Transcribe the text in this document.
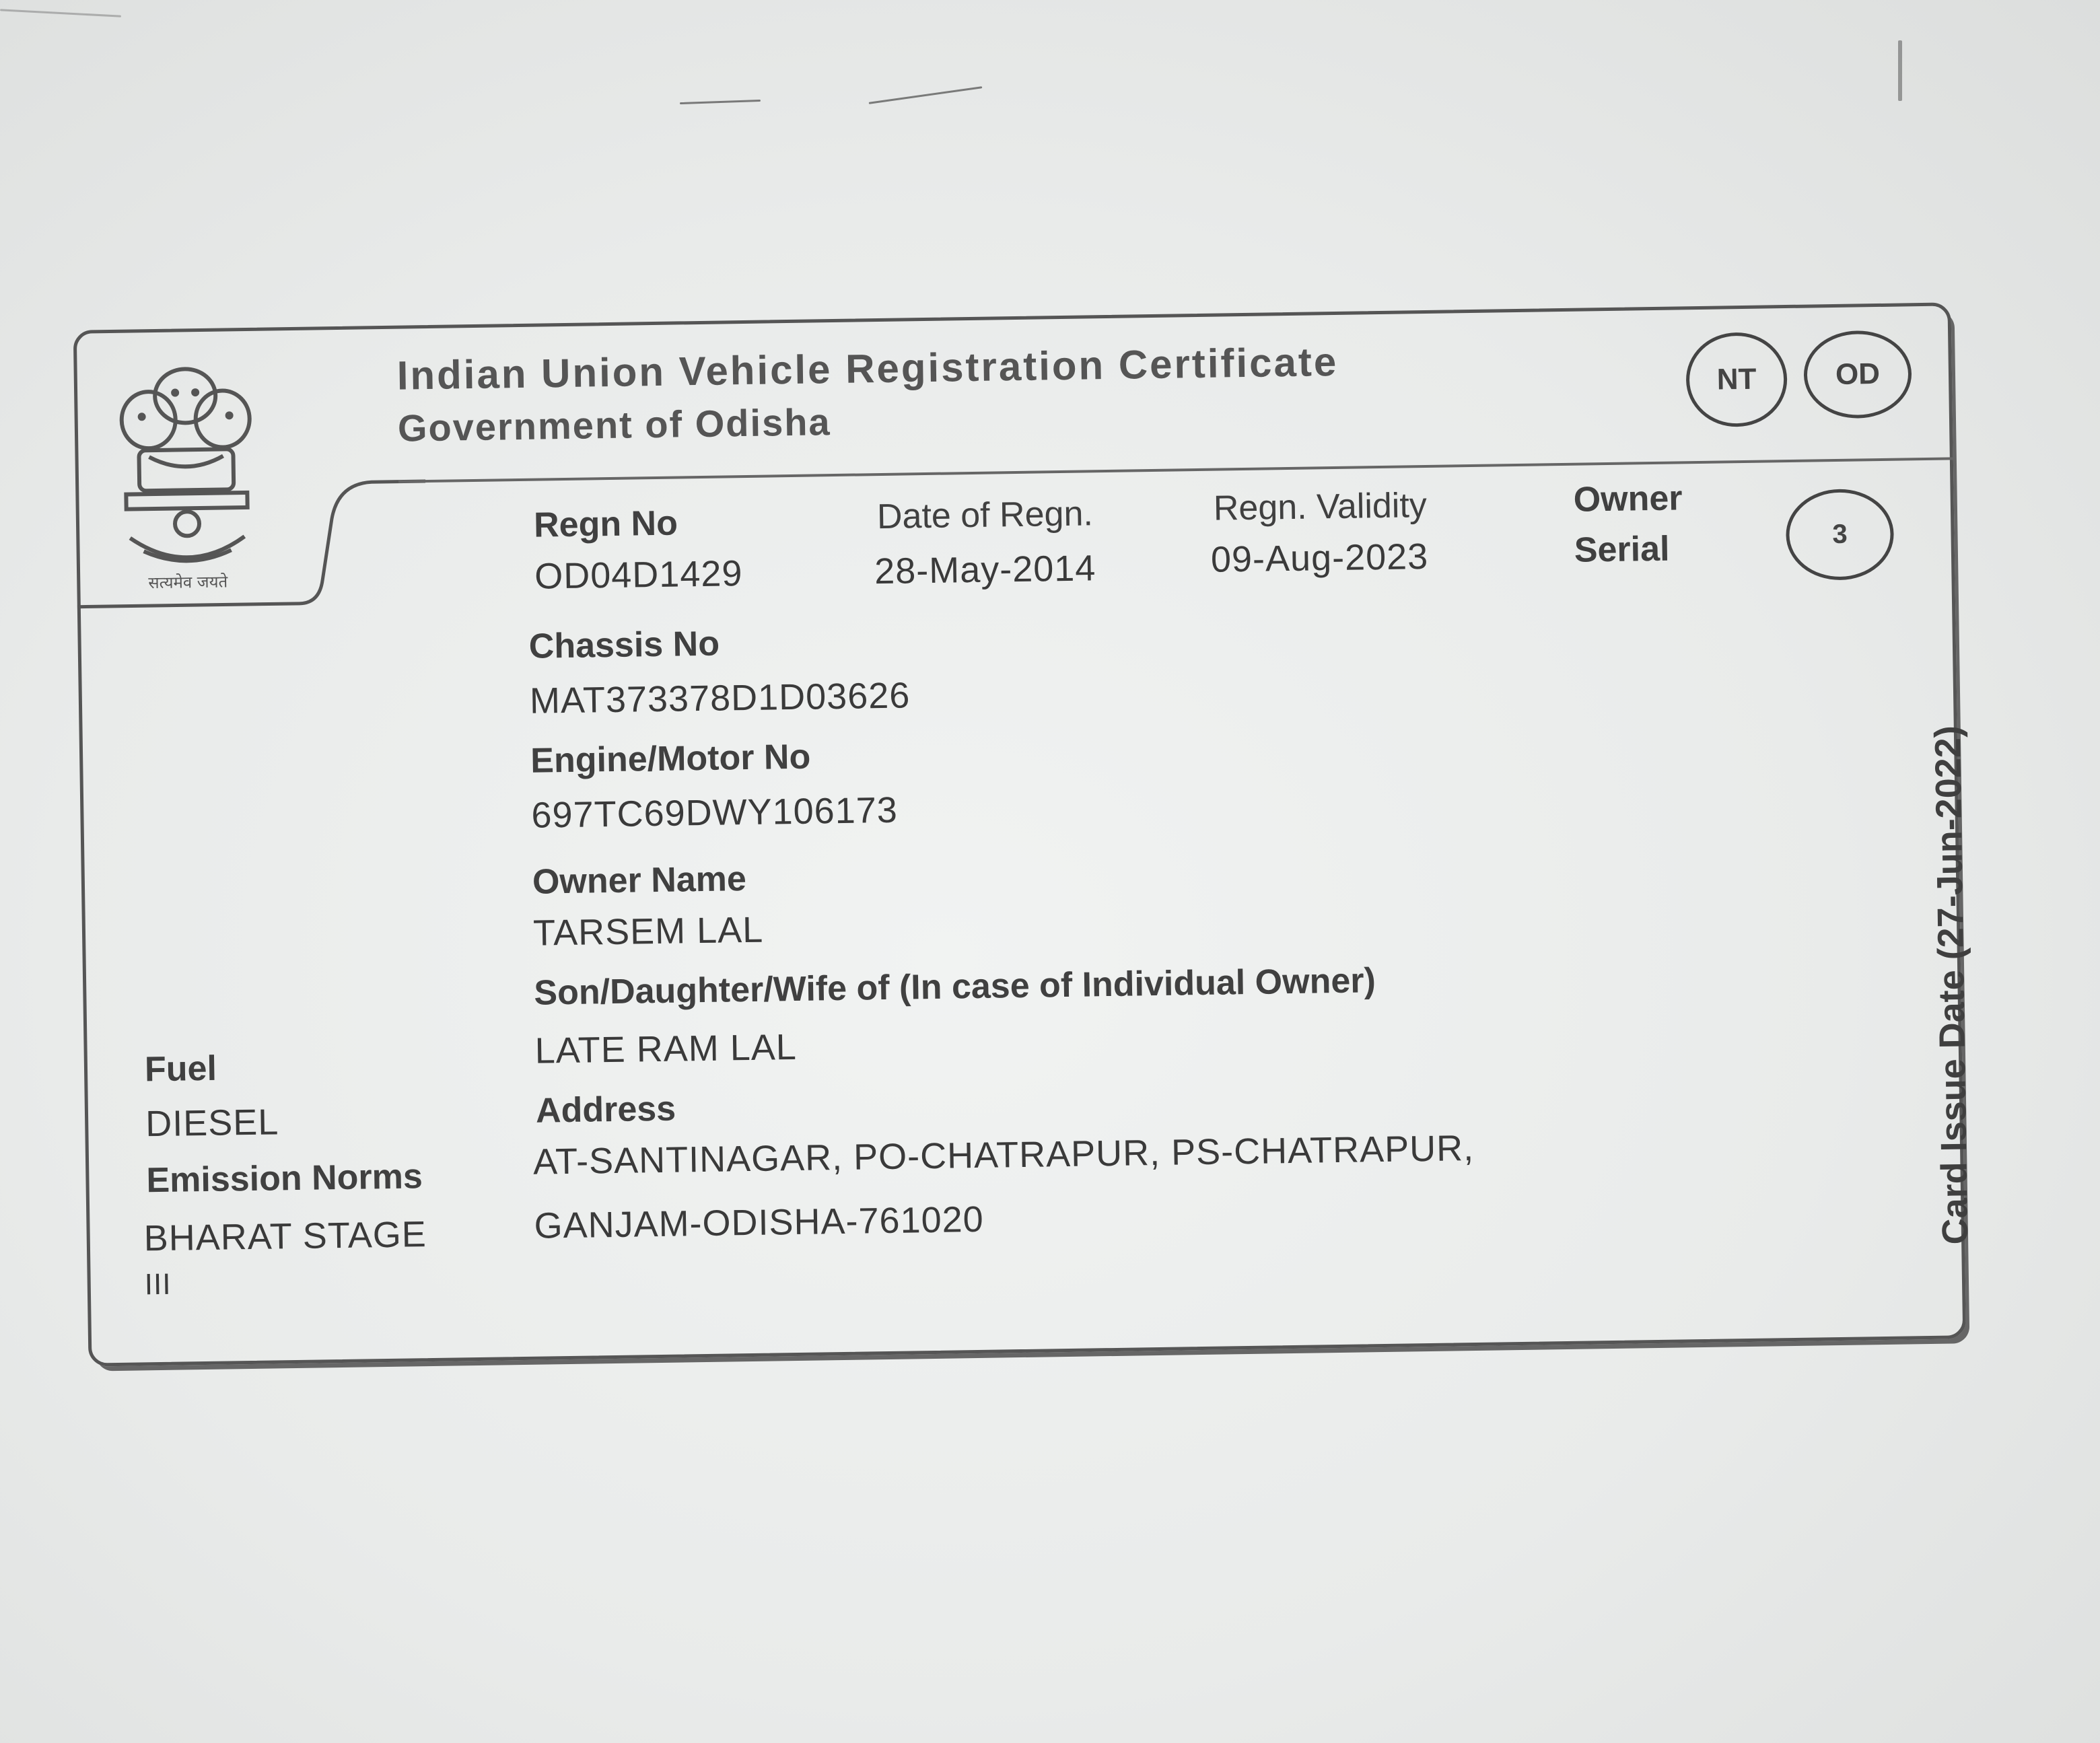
सत्यमेव जयते
Indian Union Vehicle Registration Certificate
Government of Odisha
NT	OD
Regn No
OD04D1429
Date of Regn.
28-May-2014
Regn. Validity
09-Aug-2023
Owner
Serial	3
Chassis No
MAT373378D1D03626
Engine/Motor No
697TC69DWY106173
Owner Name
TARSEM LAL
Son/Daughter/Wife of (In case of Individual Owner)
LATE RAM LAL
Address
AT-SANTINAGAR, PO-CHATRAPUR, PS-CHATRAPUR,
GANJAM-ODISHA-761020
Fuel
DIESEL
Emission Norms
BHARAT STAGE
III
Card Issue Date (27-Jun-2022)
